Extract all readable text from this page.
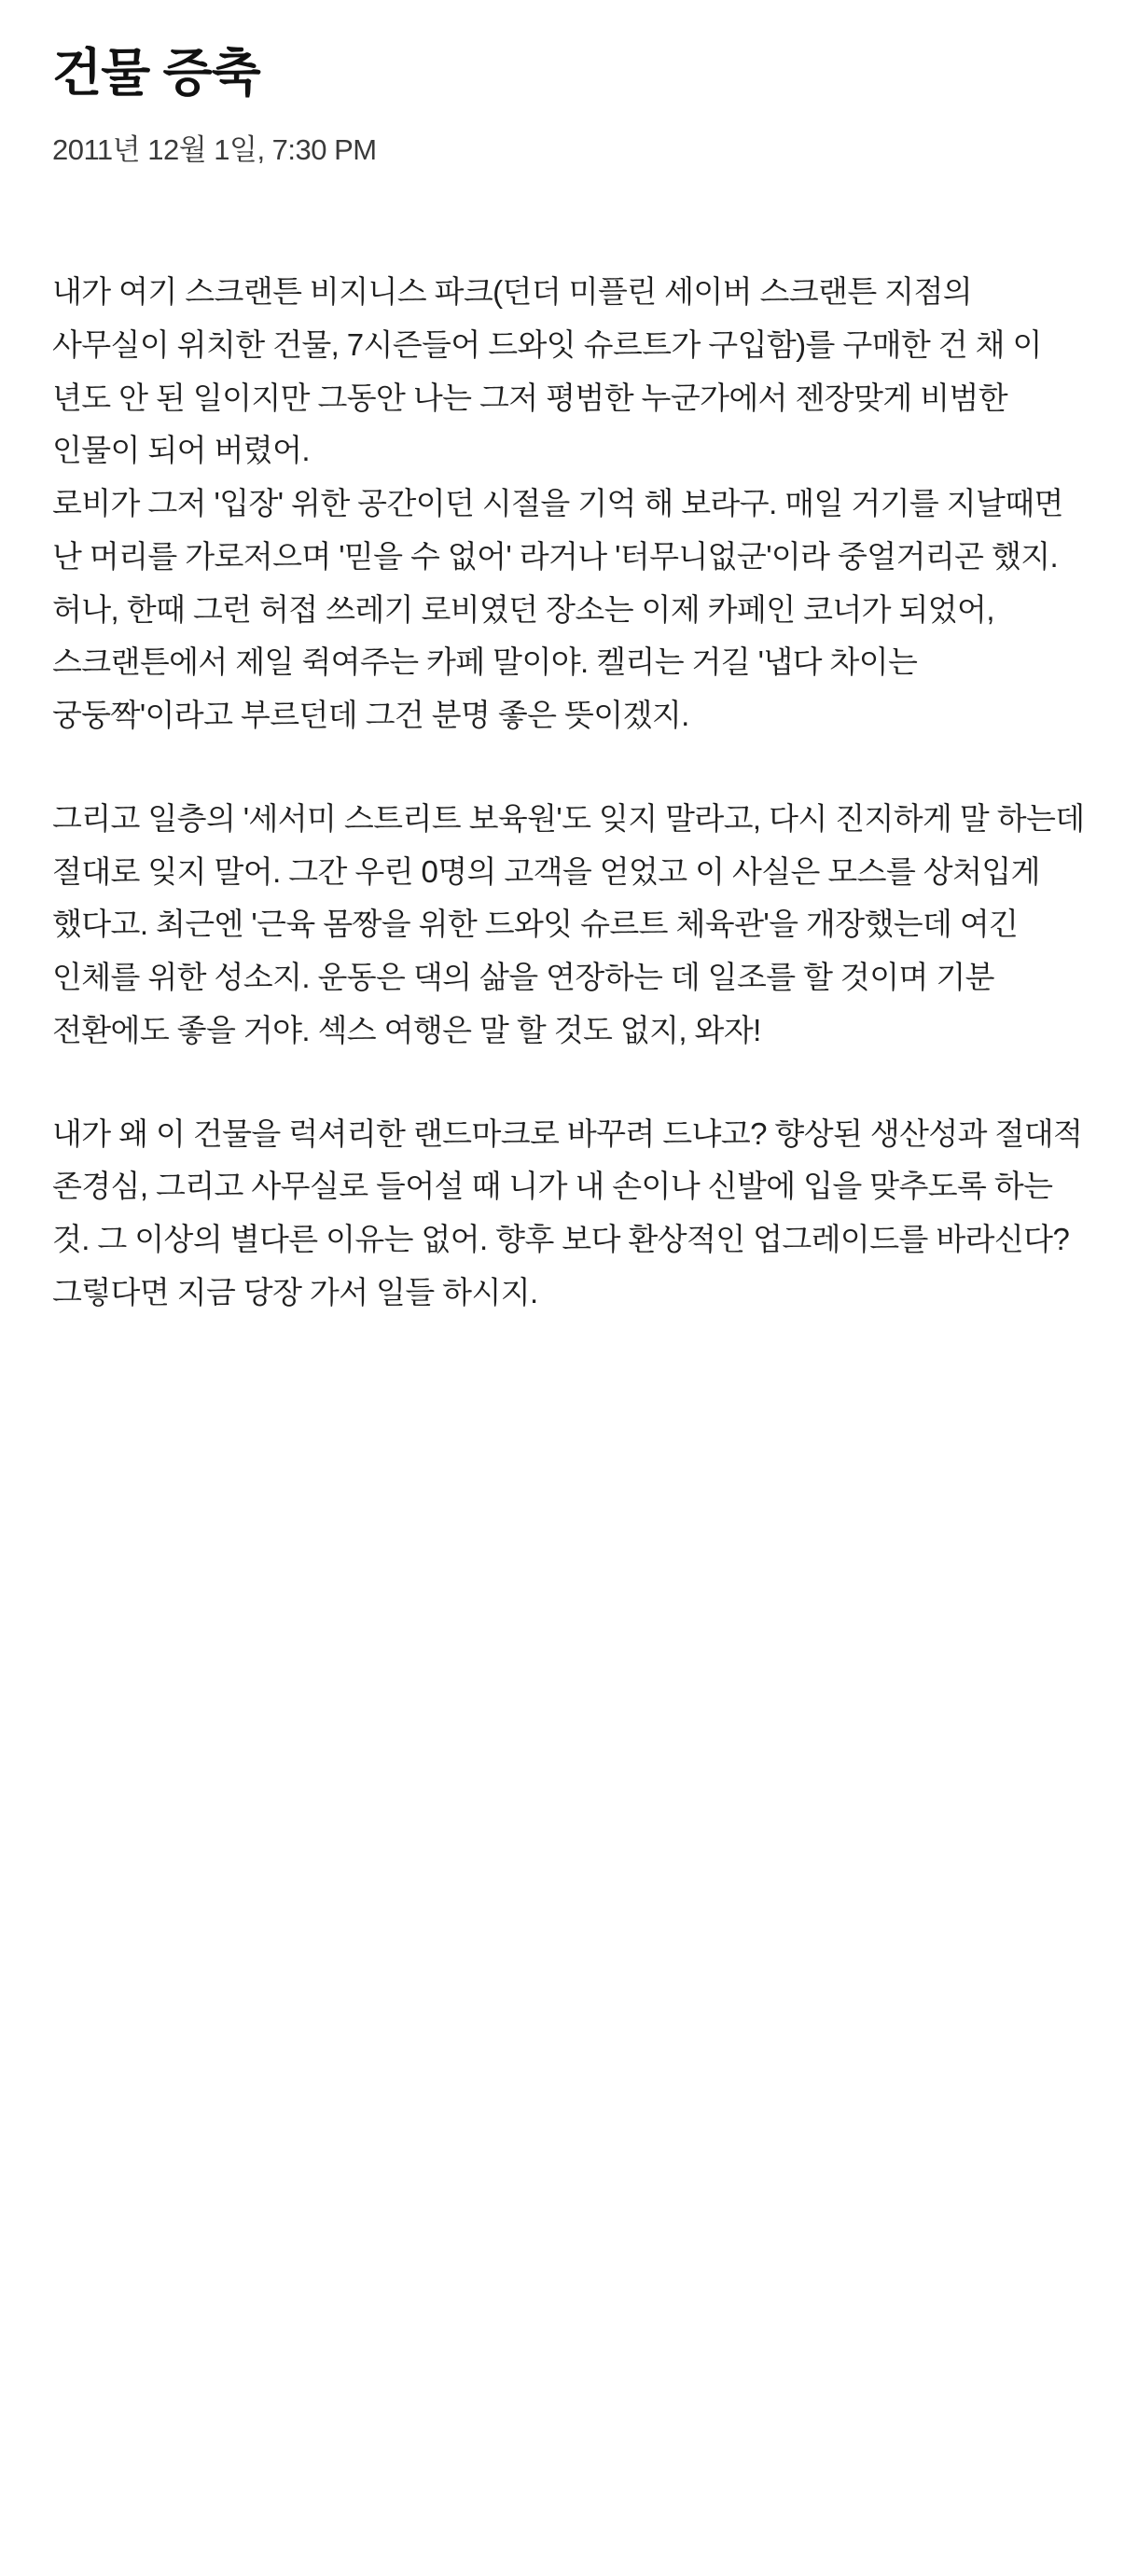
건물 증축
2011년 12월 1일, 7:30 PM

내가 여기 스크랜튼 비지니스 파크(던더 미플린 세이버 스크랜튼 지점의 사무실이 위치한 건물, 7시즌들어 드와잇 슈르트가 구입함)를 구매한 건 채 이 년도 안 된 일이지만 그동안 나는 그저 평범한 누군가에서 젠장맞게 비범한 인물이 되어 버렸어.

로비가 그저 '입장' 위한 공간이던 시절을 기억 해 보라구. 매일 거기를 지날때면 난 머리를 가로저으며 '믿을 수 없어' 라거나 '터무니없군'이라 중얼거리곤 했지. 허나, 한때 그런 허접 쓰레기 로비였던 장소는 이제 카페인 코너가 되었어, 스크랜튼에서 제일 쥑여주는 카페 말이야. 켈리는 거길 '냅다 차이는 궁둥짝'이라고 부르던데 그건 분명 좋은 뜻이겠지.

그리고 일층의 '세서미 스트리트 보육원'도 잊지 말라고, 다시 진지하게 말 하는데 절대로 잊지 말어. 그간 우린 0명의 고객을 얻었고 이 사실은 모스를 상처입게 했다고. 최근엔 '근육 몸짱을 위한 드와잇 슈르트 체육관'을 개장했는데 여긴 인체를 위한 성소지. 운동은 댁의 삶을 연장하는 데 일조를 할 것이며 기분 전환에도 좋을 거야. 섹스 여행은 말 할 것도 없지, 와자!

내가 왜 이 건물을 럭셔리한 랜드마크로 바꾸려 드냐고? 향상된 생산성과 절대적 존경심, 그리고 사무실로 들어설 때 니가 내 손이나 신발에 입을 맞추도록 하는 것. 그 이상의 별다른 이유는 없어. 향후 보다 환상적인 업그레이드를 바라신다? 그렇다면 지금 당장 가서 일들 하시지.
